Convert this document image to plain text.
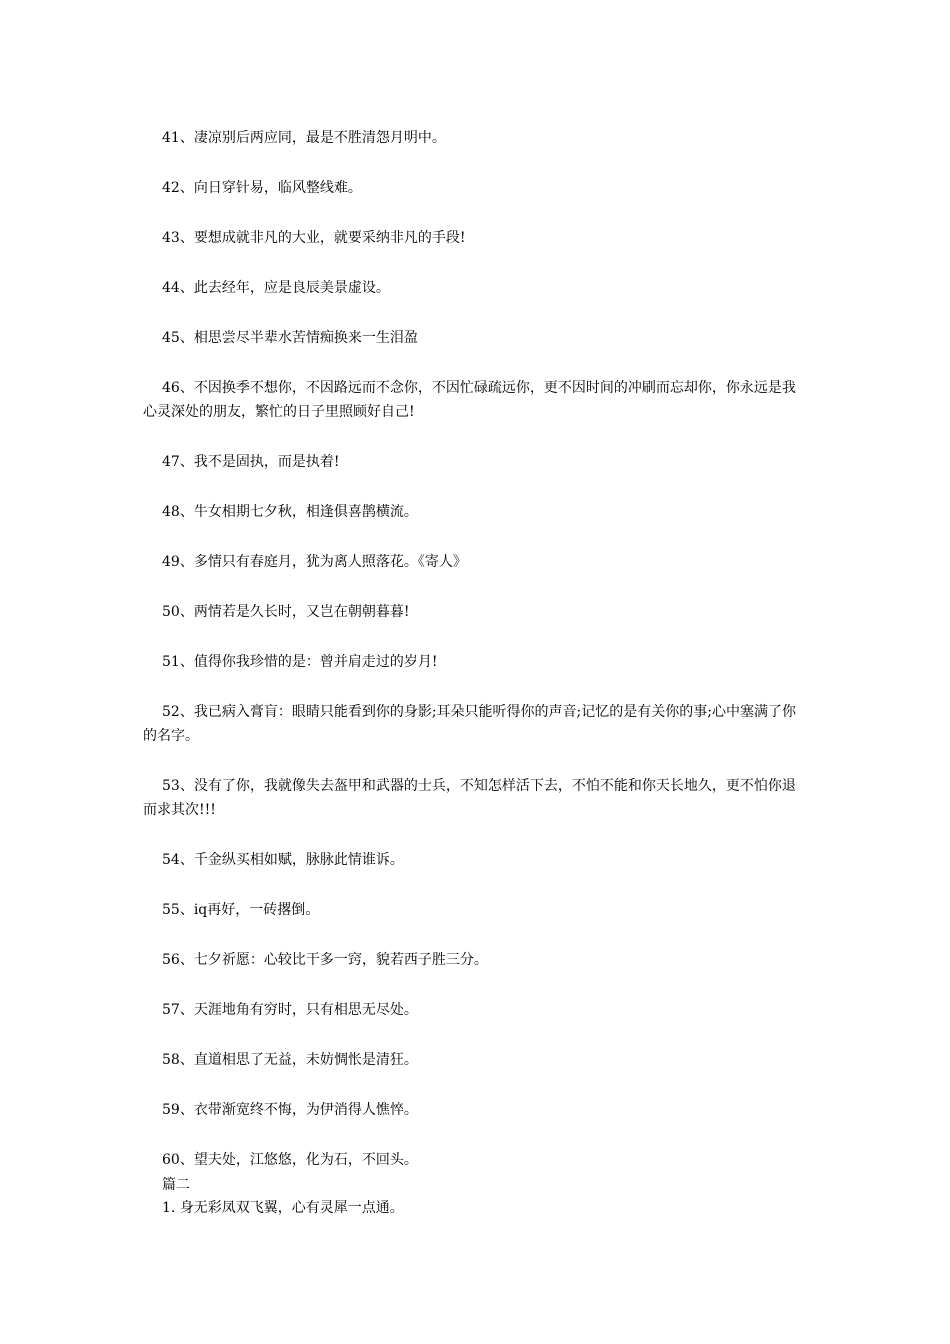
41、凄凉别后两应同，最是不胜清怨月明中。

42、向日穿针易，临风整线难。

43、要想成就非凡的大业，就要采纳非凡的手段!

44、此去经年，应是良辰美景虚设。

45、相思尝尽半辈水苦情痴换来一生泪盈

46、不因换季不想你，不因路远而不念你，不因忙碌疏远你，更不因时间的冲刷而忘却你，你永远是我心灵深处的朋友，繁忙的日子里照顾好自己!

47、我不是固执，而是执着!

48、牛女相期七夕秋，相逢俱喜鹊横流。

49、多情只有春庭月，犹为离人照落花。《寄人》

50、两情若是久长时，又岂在朝朝暮暮!

51、值得你我珍惜的是：曾并肩走过的岁月!

52、我已病入膏肓：眼睛只能看到你的身影;耳朵只能听得你的声音;记忆的是有关你的事;心中塞满了你的名字。

53、没有了你，我就像失去盔甲和武器的士兵，不知怎样活下去，不怕不能和你天长地久，更不怕你退而求其次!!!

54、千金纵买相如赋，脉脉此情谁诉。

55、iq再好，一砖撂倒。

56、七夕祈愿：心较比干多一窍，貌若西子胜三分。

57、天涯地角有穷时，只有相思无尽处。

58、直道相思了无益，未妨惆怅是清狂。

59、衣带渐宽终不悔，为伊消得人憔悴。

60、望夫处，江悠悠，化为石，不回头。

篇二
1. 身无彩凤双飞翼，心有灵犀一点通。
